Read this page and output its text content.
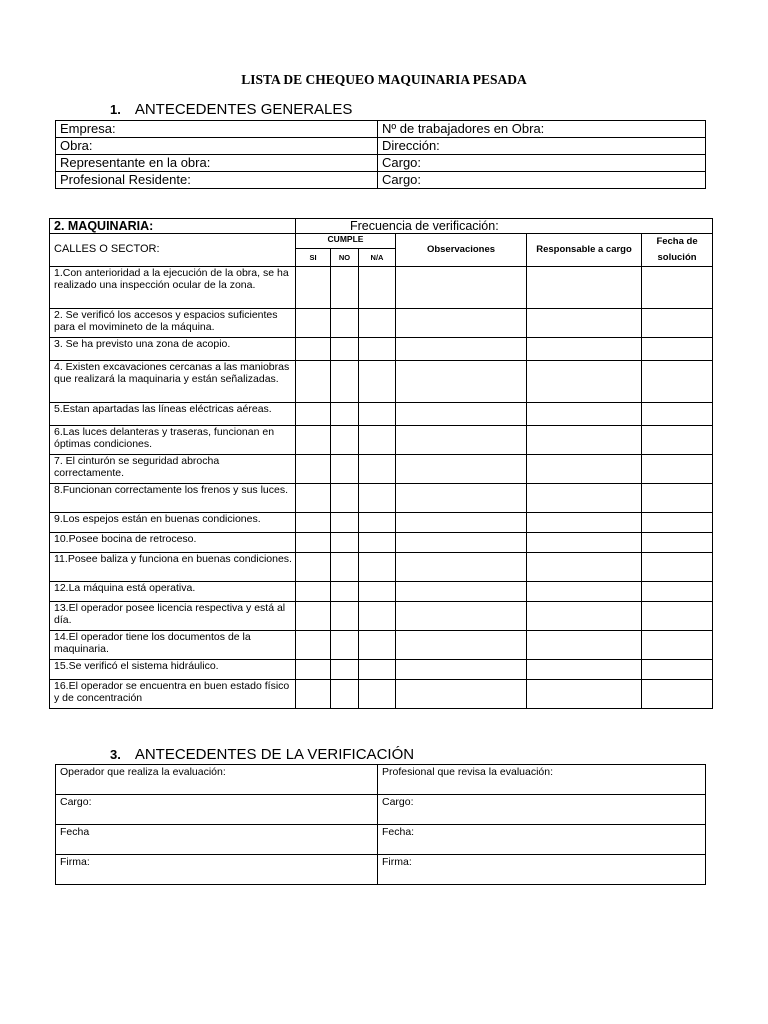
LISTA DE CHEQUEO MAQUINARIA PESADA
1. ANTECEDENTES GENERALES
Empresa:	Nº de trabajadores en Obra:
Obra:	Dirección:
Representante en la obra:	Cargo:
Profesional Residente:	Cargo:
2. MAQUINARIA:	Frecuencia de verificación:					
CALLES O SECTOR:	CUMPLE			Observaciones	Responsable a cargo	Fecha de solución
	SI	NO	N/A			
1.Con anterioridad a la ejecución de la obra, se ha realizado una inspección ocular de la zona.						
2. Se verificó los accesos y espacios suficientes para el movimineto de la máquina.						
3. Se ha previsto una zona de acopio.						
4. Existen excavaciones cercanas a las maniobras que realizará la maquinaria y están señalizadas.						
5.Estan apartadas las líneas eléctricas aéreas.						
6.Las luces delanteras y traseras, funcionan en óptimas condiciones.						
7. El cinturón se seguridad abrocha correctamente.						
8.Funcionan correctamente los frenos y sus luces.						
9.Los espejos están en buenas condiciones.						
10.Posee bocina de retroceso.						
11.Posee baliza y funciona en buenas condiciones.						
12.La máquina está operativa.						
13.El operador posee licencia respectiva y está al día.						
14.El operador tiene los documentos de la maquinaria.						
15.Se verificó el sistema hidráulico.						
16.El operador se encuentra en buen estado físico y de concentración						
3. ANTECEDENTES DE LA VERIFICACIÓN
Operador que realiza la evaluación:	Profesional que revisa la evaluación:
Cargo:	Cargo:
Fecha	Fecha:
Firma:	Firma:
